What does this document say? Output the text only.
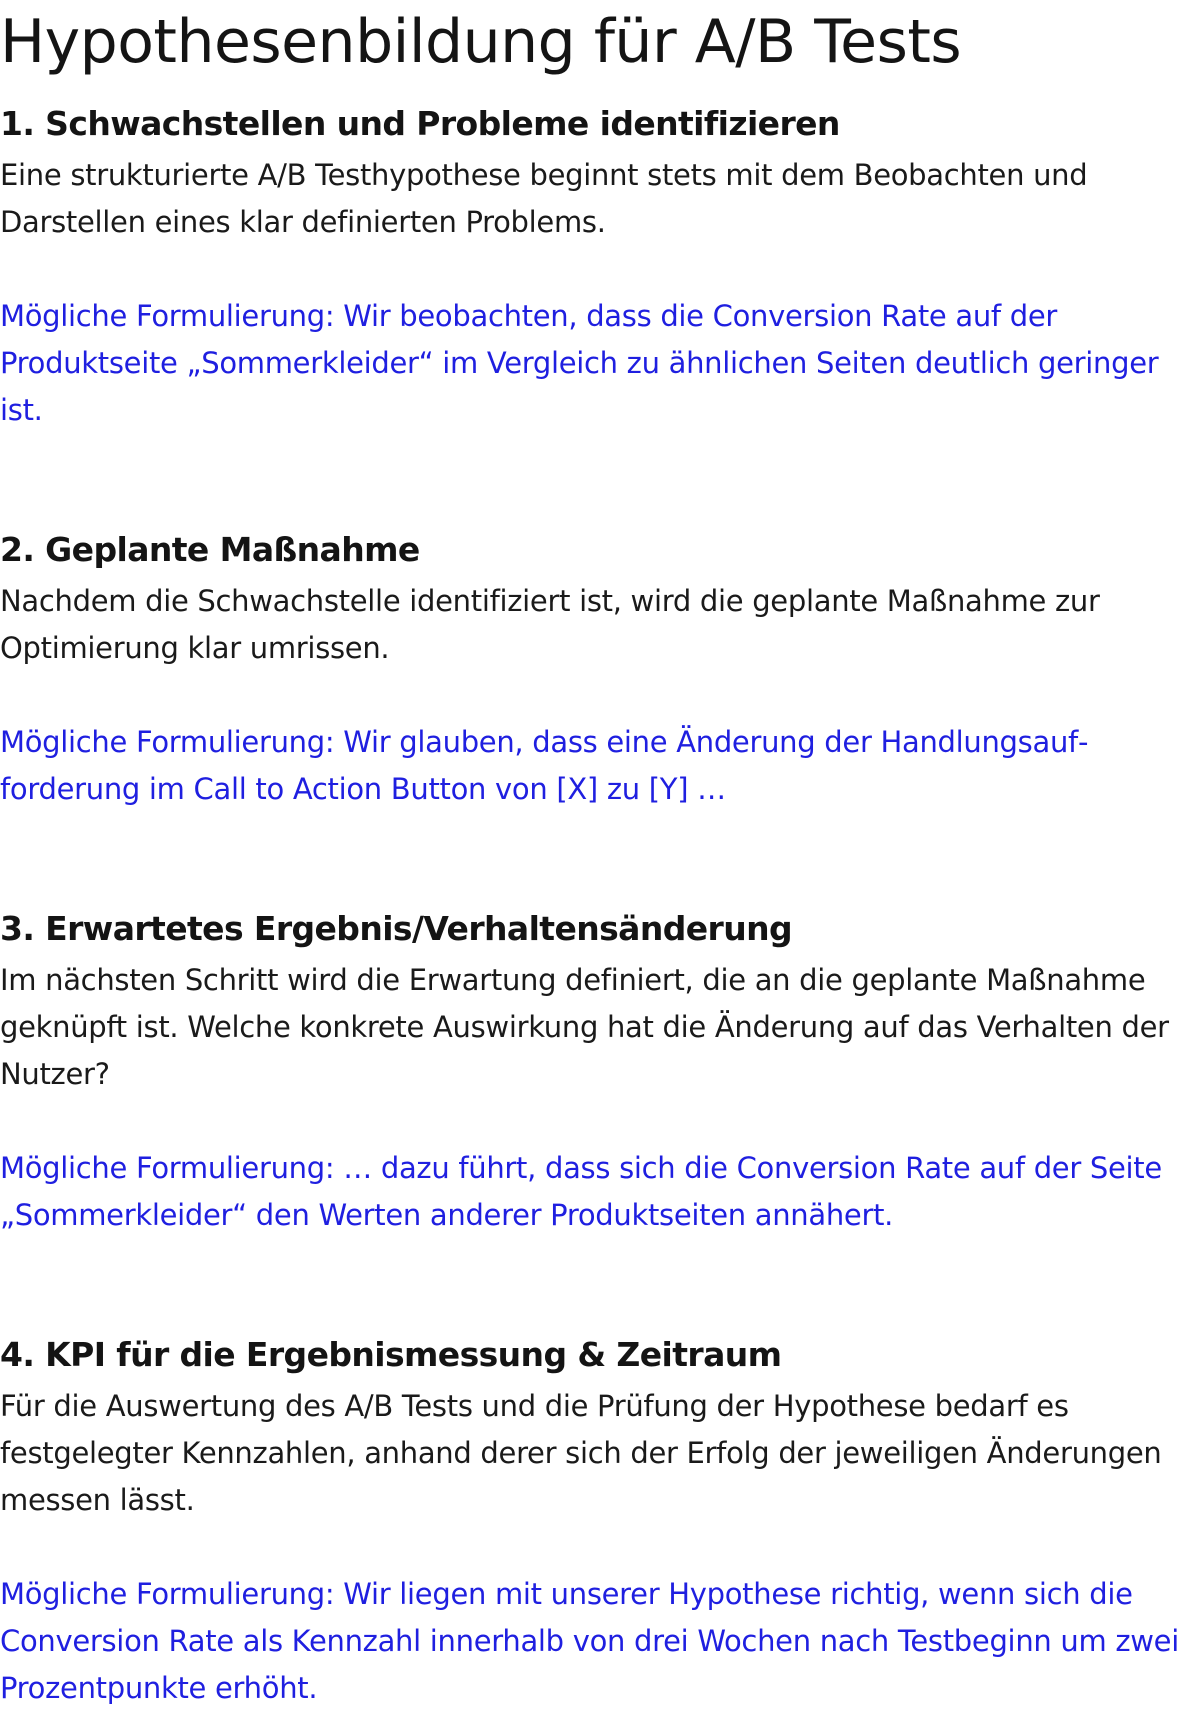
Hypothesenbildung für A/B Tests
1. Schwachstellen und Probleme identifizieren

Eine strukturierte A/B Testhypothese beginnt stets mit dem Beobachten und Darstellen eines klar definierten Problems.

Mögliche Formulierung: Wir beobachten, dass die Conversion Rate auf der Produktseite „Sommerkleider“ im Vergleich zu ähnlichen Seiten deutlich geringer ist.

2. Geplante Maßnahme

Nachdem die Schwachstelle identifiziert ist, wird die geplante Maßnahme zur Optimierung klar umrissen.

Mögliche Formulierung: Wir glauben, dass eine Änderung der Handlungsaufforderung im Call to Action Button von [X] zu [Y] …

3. Erwartetes Ergebnis/Verhaltensänderung

Im nächsten Schritt wird die Erwartung definiert, die an die geplante Maßnahme geknüpft ist. Welche konkrete Auswirkung hat die Änderung auf das Verhalten der Nutzer?

Mögliche Formulierung: … dazu führt, dass sich die Conversion Rate auf der Seite „Sommerkleider“ den Werten anderer Produktseiten annähert.

4. KPI für die Ergebnismessung & Zeitraum

Für die Auswertung des A/B Tests und die Prüfung der Hypothese bedarf es festgelegter Kennzahlen, anhand derer sich der Erfolg der jeweiligen Änderungen messen lässt.

Mögliche Formulierung: Wir liegen mit unserer Hypothese richtig, wenn sich die Conversion Rate als Kennzahl innerhalb von drei Wochen nach Testbeginn um zwei Prozentpunkte erhöht.
